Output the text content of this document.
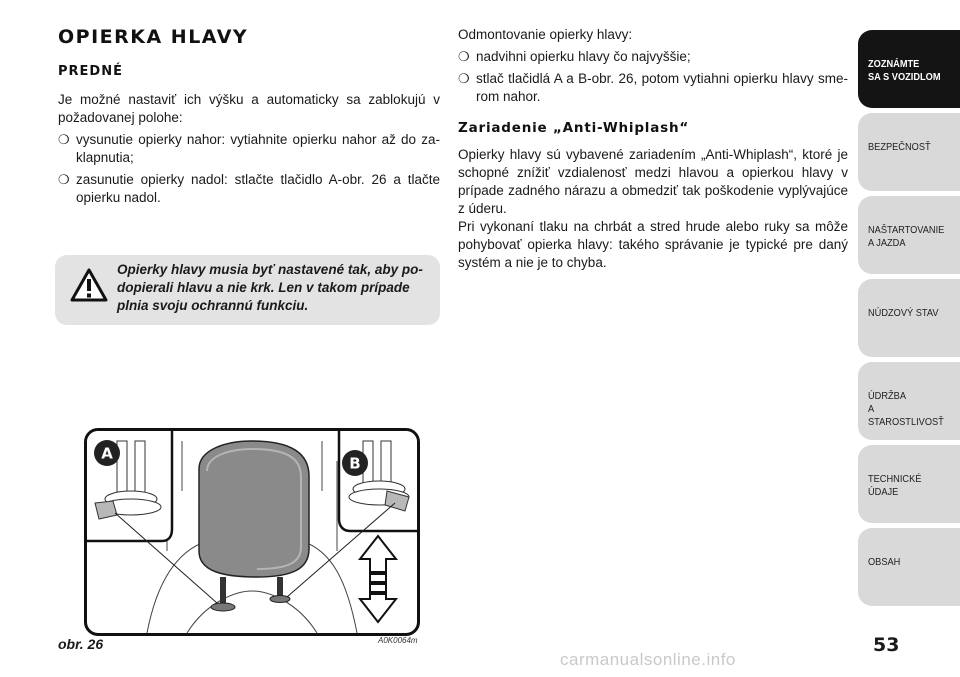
OPIERKA HLAVY
PREDNÉ

Je možné nastaviť ich výšku a automaticky sa zablokujú v požadovanej polohe:

❍ vysunutie opierky nahor: vytiahnite opierku nahor až do zaklapnutia;
❍ zasunutie opierky nadol: stlačte tlačidlo A-obr. 26 a tlačte opierku nadol.

Opierky hlavy musia byť nastavené tak, aby podopierali hlavu a nie krk. Len v takom prípade plnia svoju ochrannú funkciu.

A
B
obr. 26	A0K0064m

Odmontovanie opierky hlavy:

❍ nadvihni opierku hlavy čo najvyššie;
❍ stlač tlačidlá A a B-obr. 26, potom vytiahni opierku hlavy smerom nahor.
Zariadenie „Anti-Whiplash“

Opierky hlavy sú vybavené zariadením „Anti-Whiplash“, ktoré je schopné znížiť vzdialenosť medzi hlavou a opierkou hlavy v prípade zadného nárazu a obmedziť tak poškodenie vyplývajúce z úderu.

Pri vykonaní tlaku na chrbát a stred hrude alebo ruky sa môže pohybovať opierka hlavy: takého správanie je typické pre daný systém a nie je to chyba.

ZOZNÁMTE
SA S VOZIDLOM
BEZPEČNOSŤ
NAŠTARTOVANIE
A JAZDA
NÚDZOVÝ STAV
ÚDRŽBA
A STAROSTLIVOSŤ
TECHNICKÉ
ÚDAJE
OBSAH
53
carmanualsonline.info
